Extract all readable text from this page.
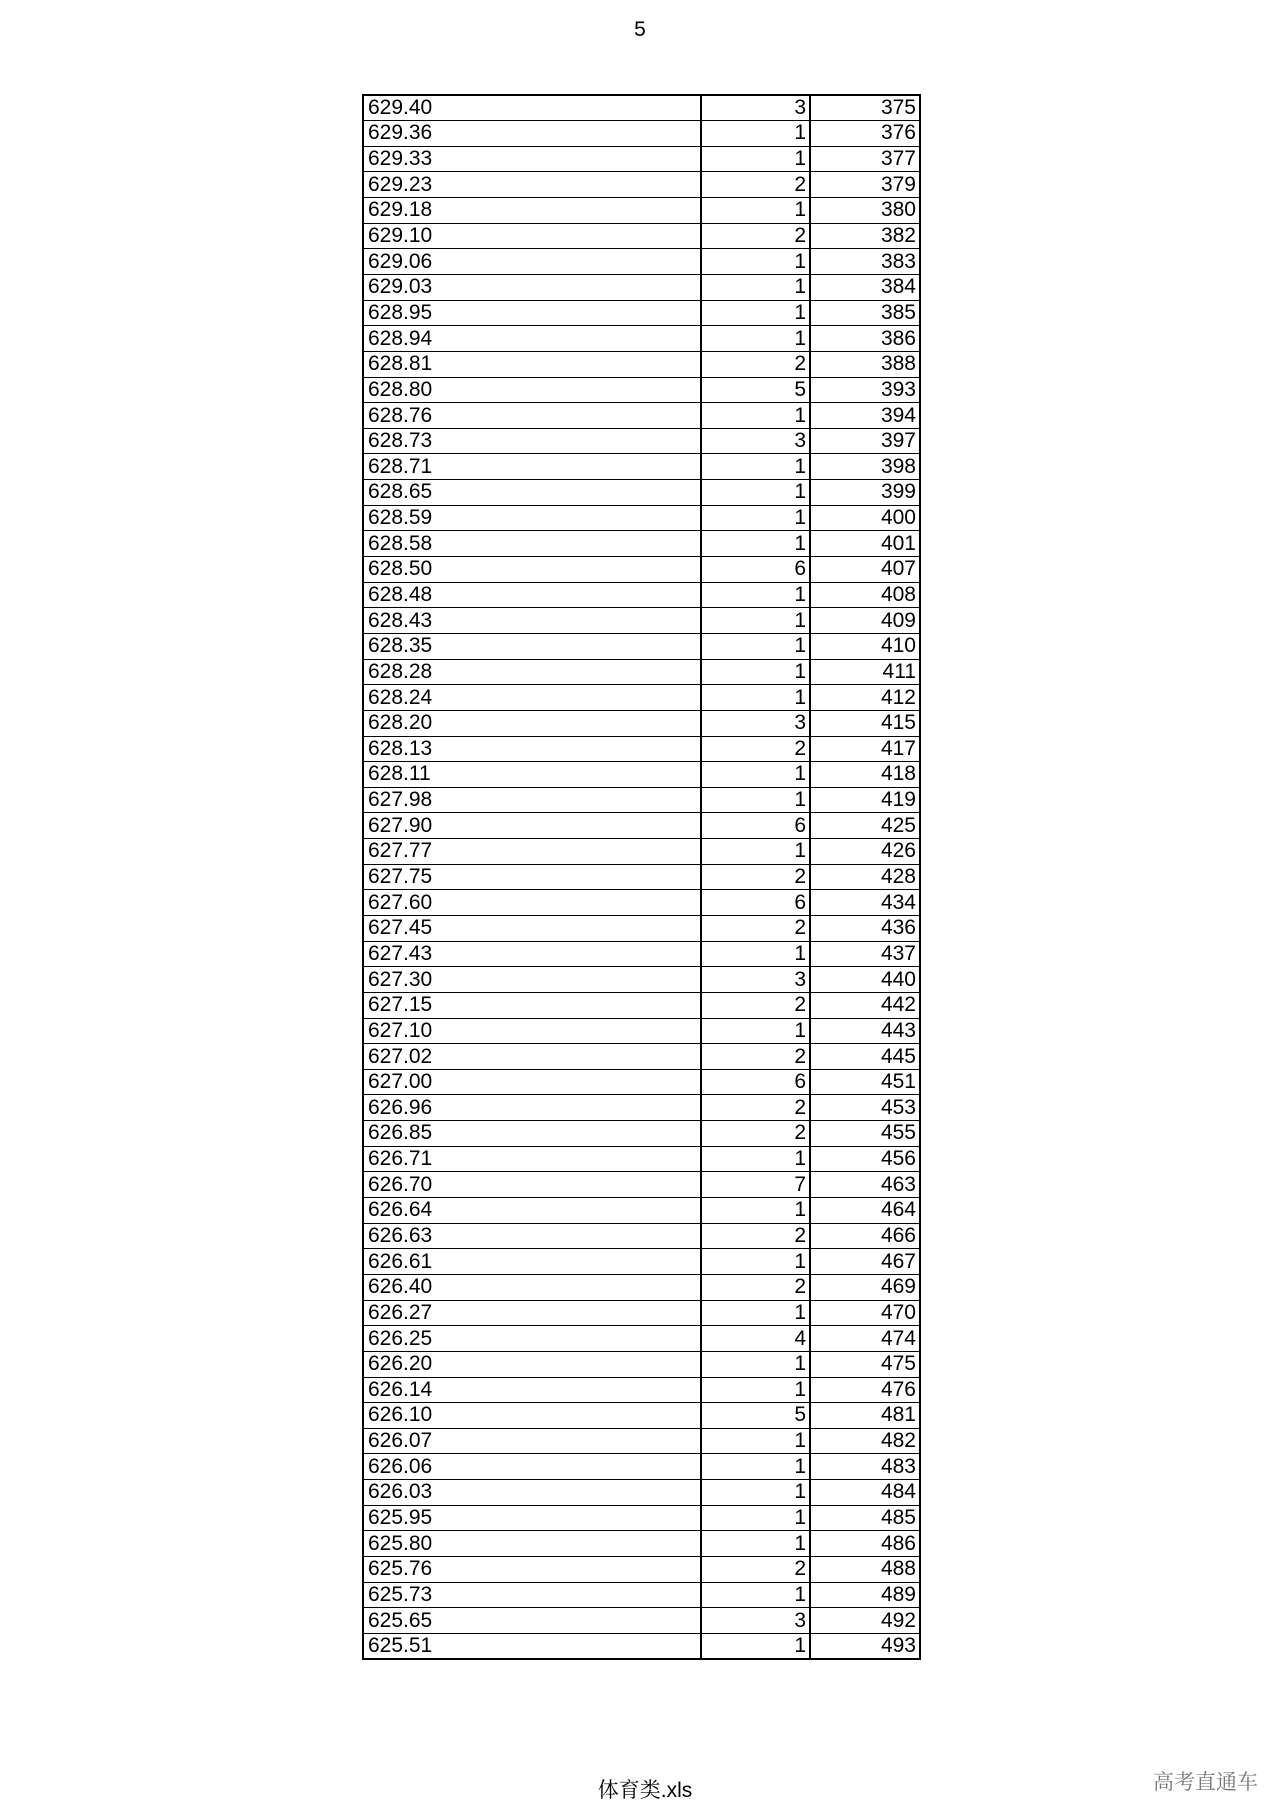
5
629.40	3	375
629.36	1	376
629.33	1	377
629.23	2	379
629.18	1	380
629.10	2	382
629.06	1	383
629.03	1	384
628.95	1	385
628.94	1	386
628.81	2	388
628.80	5	393
628.76	1	394
628.73	3	397
628.71	1	398
628.65	1	399
628.59	1	400
628.58	1	401
628.50	6	407
628.48	1	408
628.43	1	409
628.35	1	410
628.28	1	411
628.24	1	412
628.20	3	415
628.13	2	417
628.11	1	418
627.98	1	419
627.90	6	425
627.77	1	426
627.75	2	428
627.60	6	434
627.45	2	436
627.43	1	437
627.30	3	440
627.15	2	442
627.10	1	443
627.02	2	445
627.00	6	451
626.96	2	453
626.85	2	455
626.71	1	456
626.70	7	463
626.64	1	464
626.63	2	466
626.61	1	467
626.40	2	469
626.27	1	470
626.25	4	474
626.20	1	475
626.14	1	476
626.10	5	481
626.07	1	482
626.06	1	483
626.03	1	484
625.95	1	485
625.80	1	486
625.76	2	488
625.73	1	489
625.65	3	492
625.51	1	493
体育类.xls	高考直通车
